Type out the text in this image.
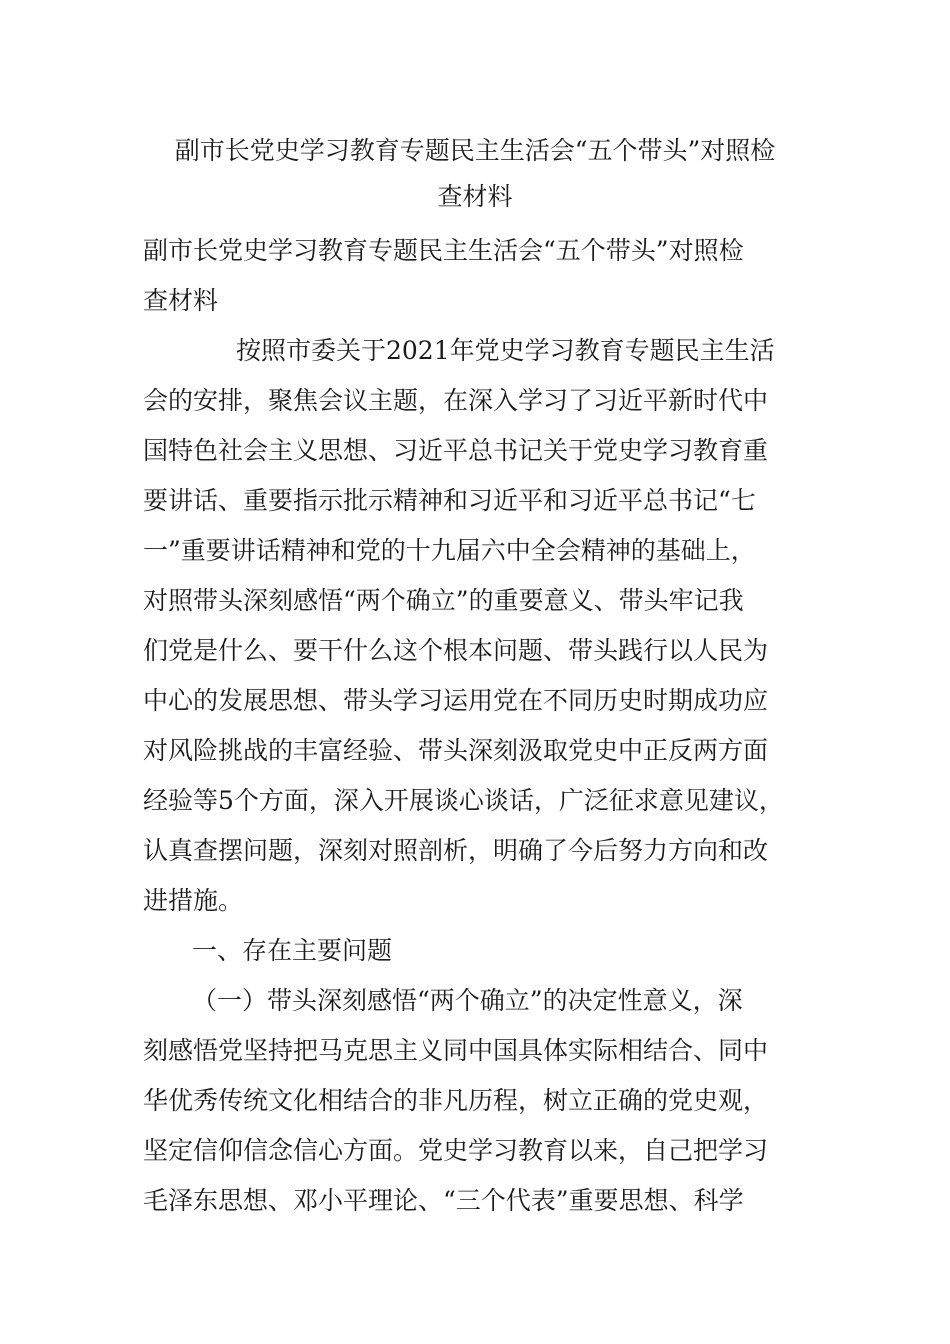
副市长党史学习教育专题民主生活会“五个带头”对照检
查材料
副市长党史学习教育专题民主生活会“五个带头”对照检
查材料
按照市委关于2021年党史学习教育专题民主生活
会的安排，聚焦会议主题，在深入学习了习近平新时代中
国特色社会主义思想、习近平总书记关于党史学习教育重
要讲话、重要指示批示精神和习近平和习近平总书记“七
一”重要讲话精神和党的十九届六中全会精神的基础上，
对照带头深刻感悟“两个确立”的重要意义、带头牢记我
们党是什么、要干什么这个根本问题、带头践行以人民为
中心的发展思想、带头学习运用党在不同历史时期成功应
对风险挑战的丰富经验、带头深刻汲取党史中正反两方面
经验等5个方面，深入开展谈心谈话，广泛征求意见建议，
认真查摆问题，深刻对照剖析，明确了今后努力方向和改
进措施。
一、存在主要问题
（一）带头深刻感悟“两个确立”的决定性意义，深
刻感悟党坚持把马克思主义同中国具体实际相结合、同中
华优秀传统文化相结合的非凡历程，树立正确的党史观，
坚定信仰信念信心方面。党史学习教育以来，自己把学习
毛泽东思想、邓小平理论、“三个代表”重要思想、科学
